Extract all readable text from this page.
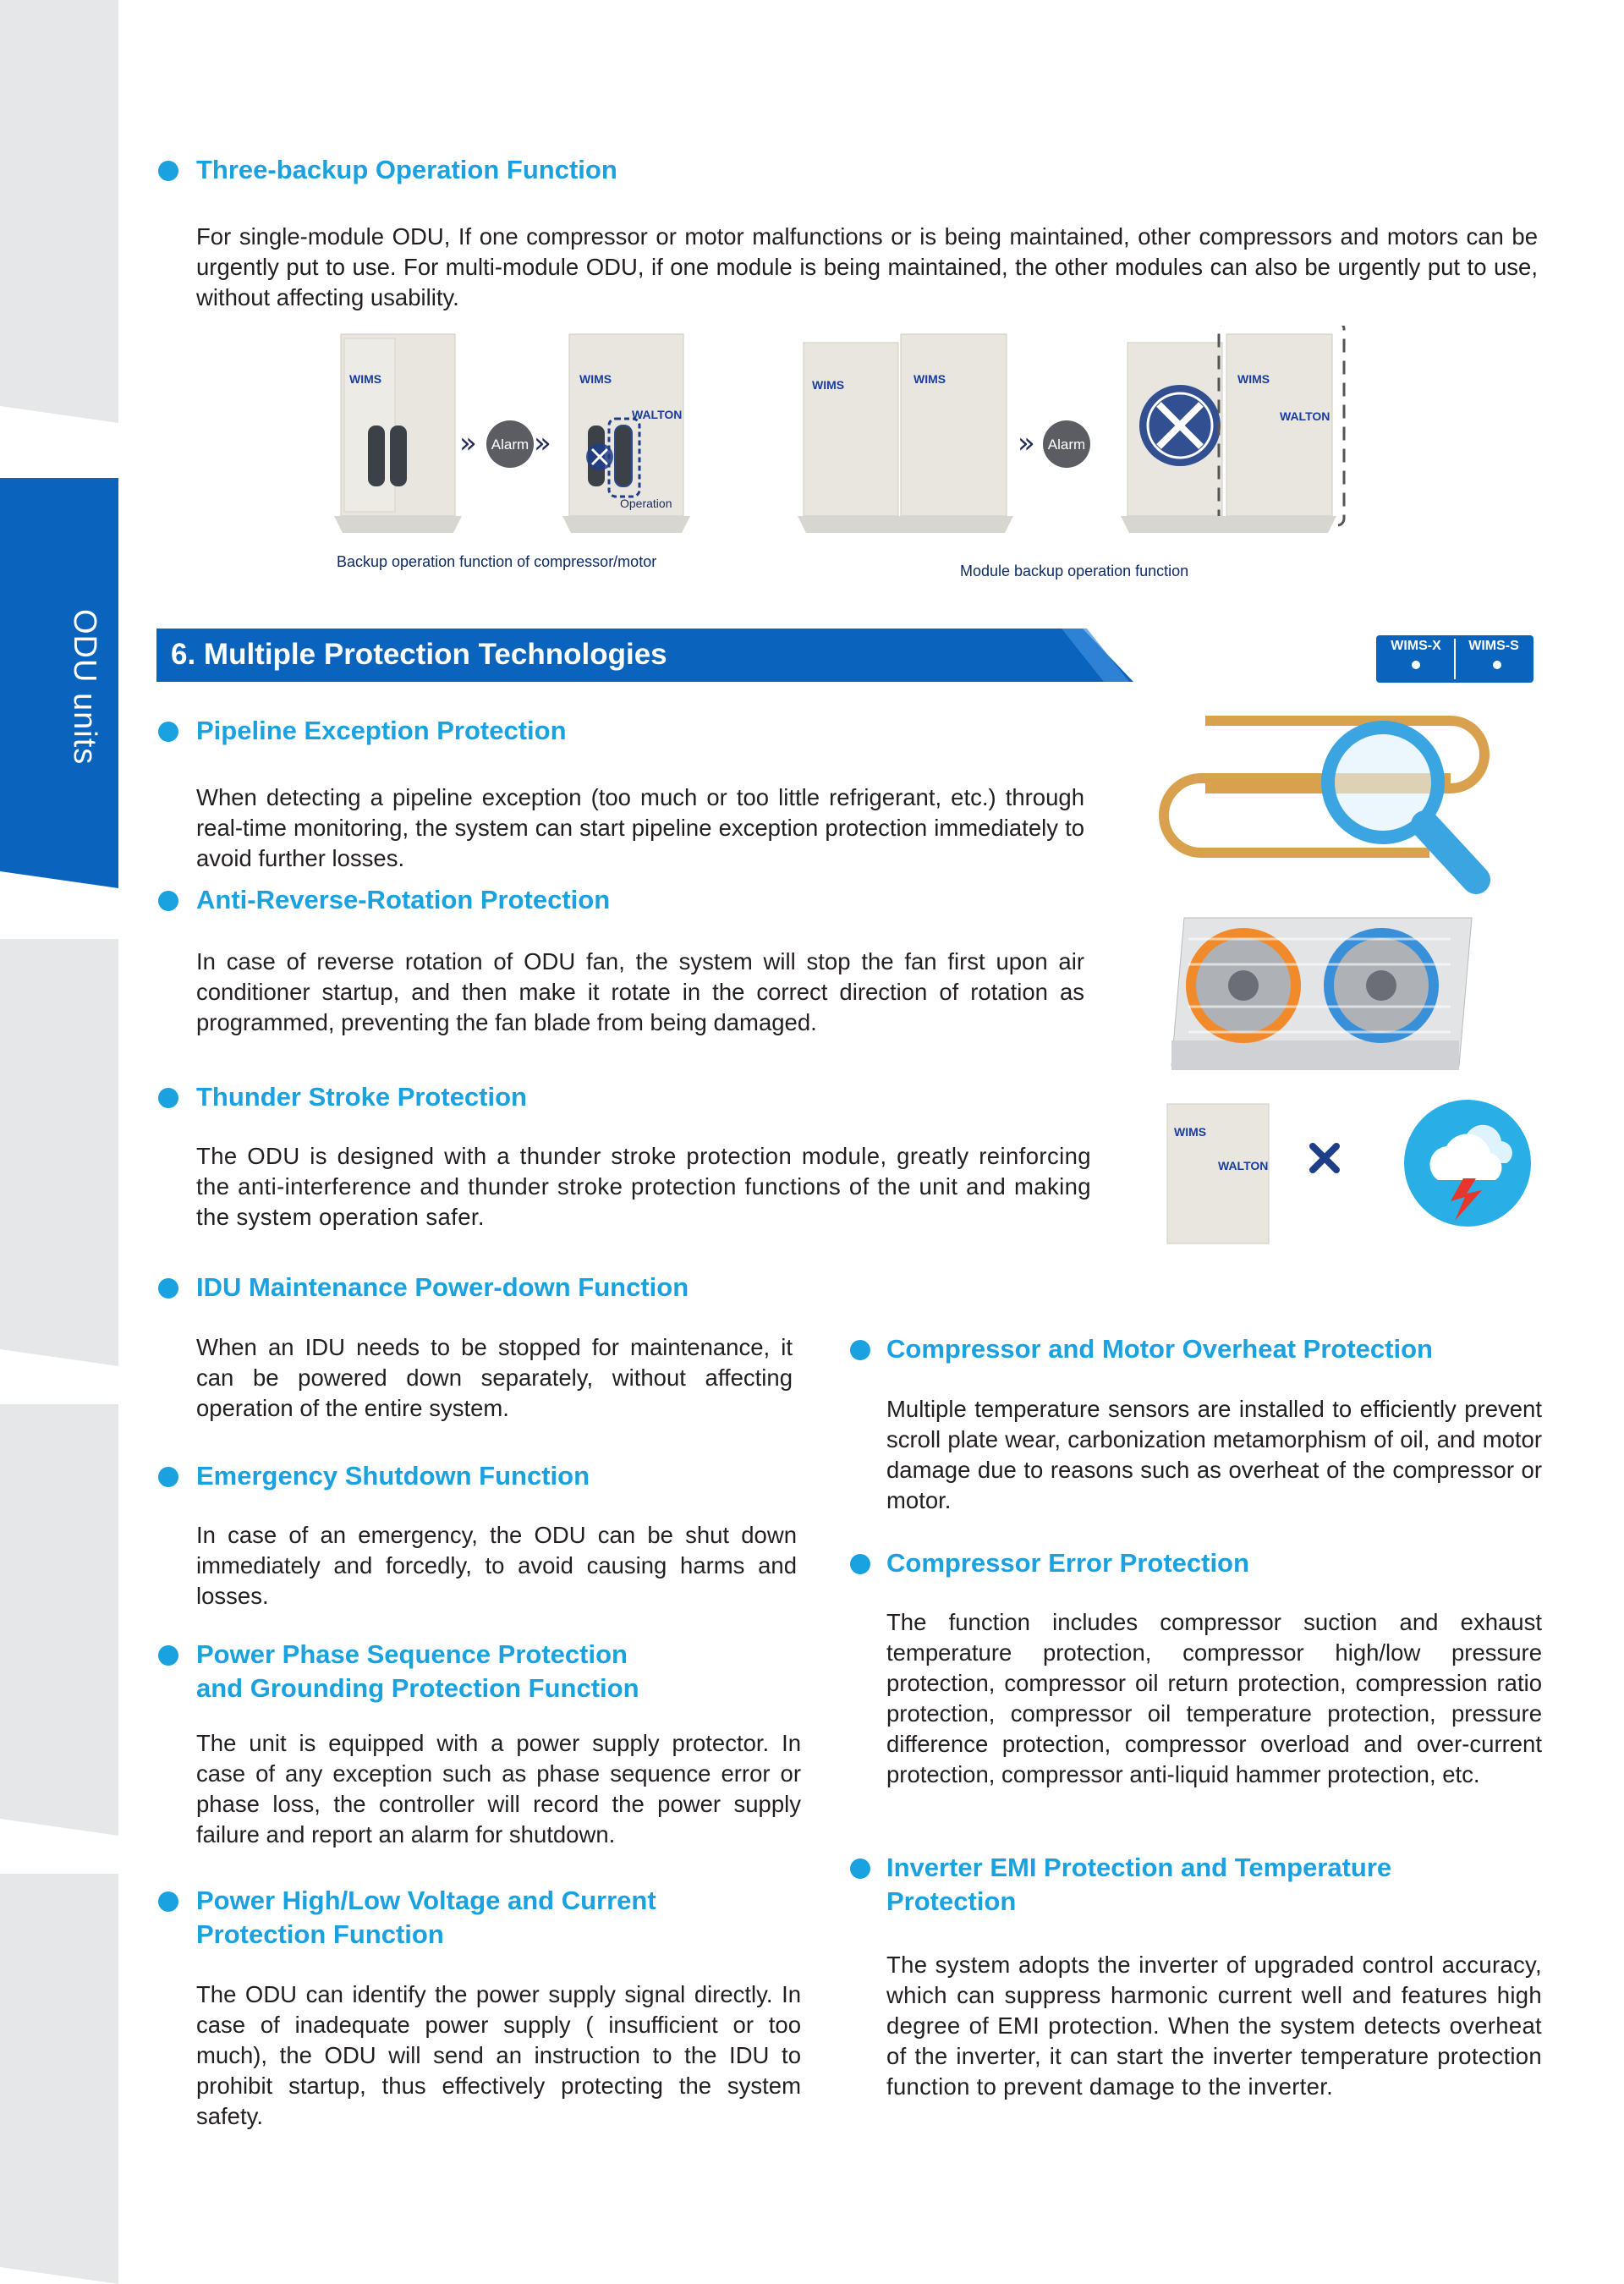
ODU units
Three-backup Operation Function
For single-module ODU, If one compressor or motor malfunctions or is being maintained, other compressors and motors can be urgently put to use. For multi-module ODU, if one module is being maintained, the other modules can also be urgently put to use, without affecting usability.
WIMS
» Alarm »
WIMS
WALTON
Operation
WIMS	WIMS
» Alarm
WIMS
WALTON
Backup operation function of compressor/motor
Module backup operation function
6. Multiple Protection Technologies	WIMS-X	WIMS-S
Pipeline Exception Protection
When detecting a pipeline exception (too much or too little refrigerant, etc.) through real-time monitoring, the system can start pipeline exception protection immediately to avoid further losses.
Anti-Reverse-Rotation Protection
In case of reverse rotation of ODU fan, the system will stop the fan first upon air conditioner startup, and then make it rotate in the correct direction of rotation as programmed, preventing the fan blade from being damaged.
Thunder Stroke Protection
The ODU is designed with a thunder stroke protection module, greatly reinforcing the anti-interference and thunder stroke protection functions of the unit and making the system operation safer.
WIMS
WALTON
IDU Maintenance Power-down Function
When an IDU needs to be stopped for maintenance, it can be powered down separately, without affecting operation of the entire system.
Emergency Shutdown Function
In case of an emergency, the ODU can be shut down immediately and forcedly, to avoid causing harms and losses.
Power Phase Sequence Protection
and Grounding Protection Function
The unit is equipped with a power supply protector. In case of any exception such as phase sequence error or phase loss, the controller will record the power supply failure and report an alarm for shutdown.
Power High/Low Voltage and Current
Protection Function
The ODU can identify the power supply signal directly. In case of inadequate power supply ( insufficient or too much), the ODU will send an instruction to the IDU to prohibit startup, thus effectively protecting the system safety.
Compressor and Motor Overheat Protection
Multiple temperature sensors are installed to efficiently prevent scroll plate wear, carbonization metamorphism of oil, and motor damage due to reasons such as overheat of the compressor or motor.
Compressor Error Protection
The function includes compressor suction and exhaust temperature protection, compressor high/low pressure protection, compressor oil return protection, compression ratio protection, compressor oil temperature protection, pressure difference protection, compressor overload and over-current protection, compressor anti-liquid hammer protection, etc.
Inverter EMI Protection and Temperature
Protection
The system adopts the inverter of upgraded control accuracy, which can suppress harmonic current well and features high degree of EMI protection. When the system detects overheat of the inverter, it can start the inverter temperature protection function to prevent damage to the inverter.
